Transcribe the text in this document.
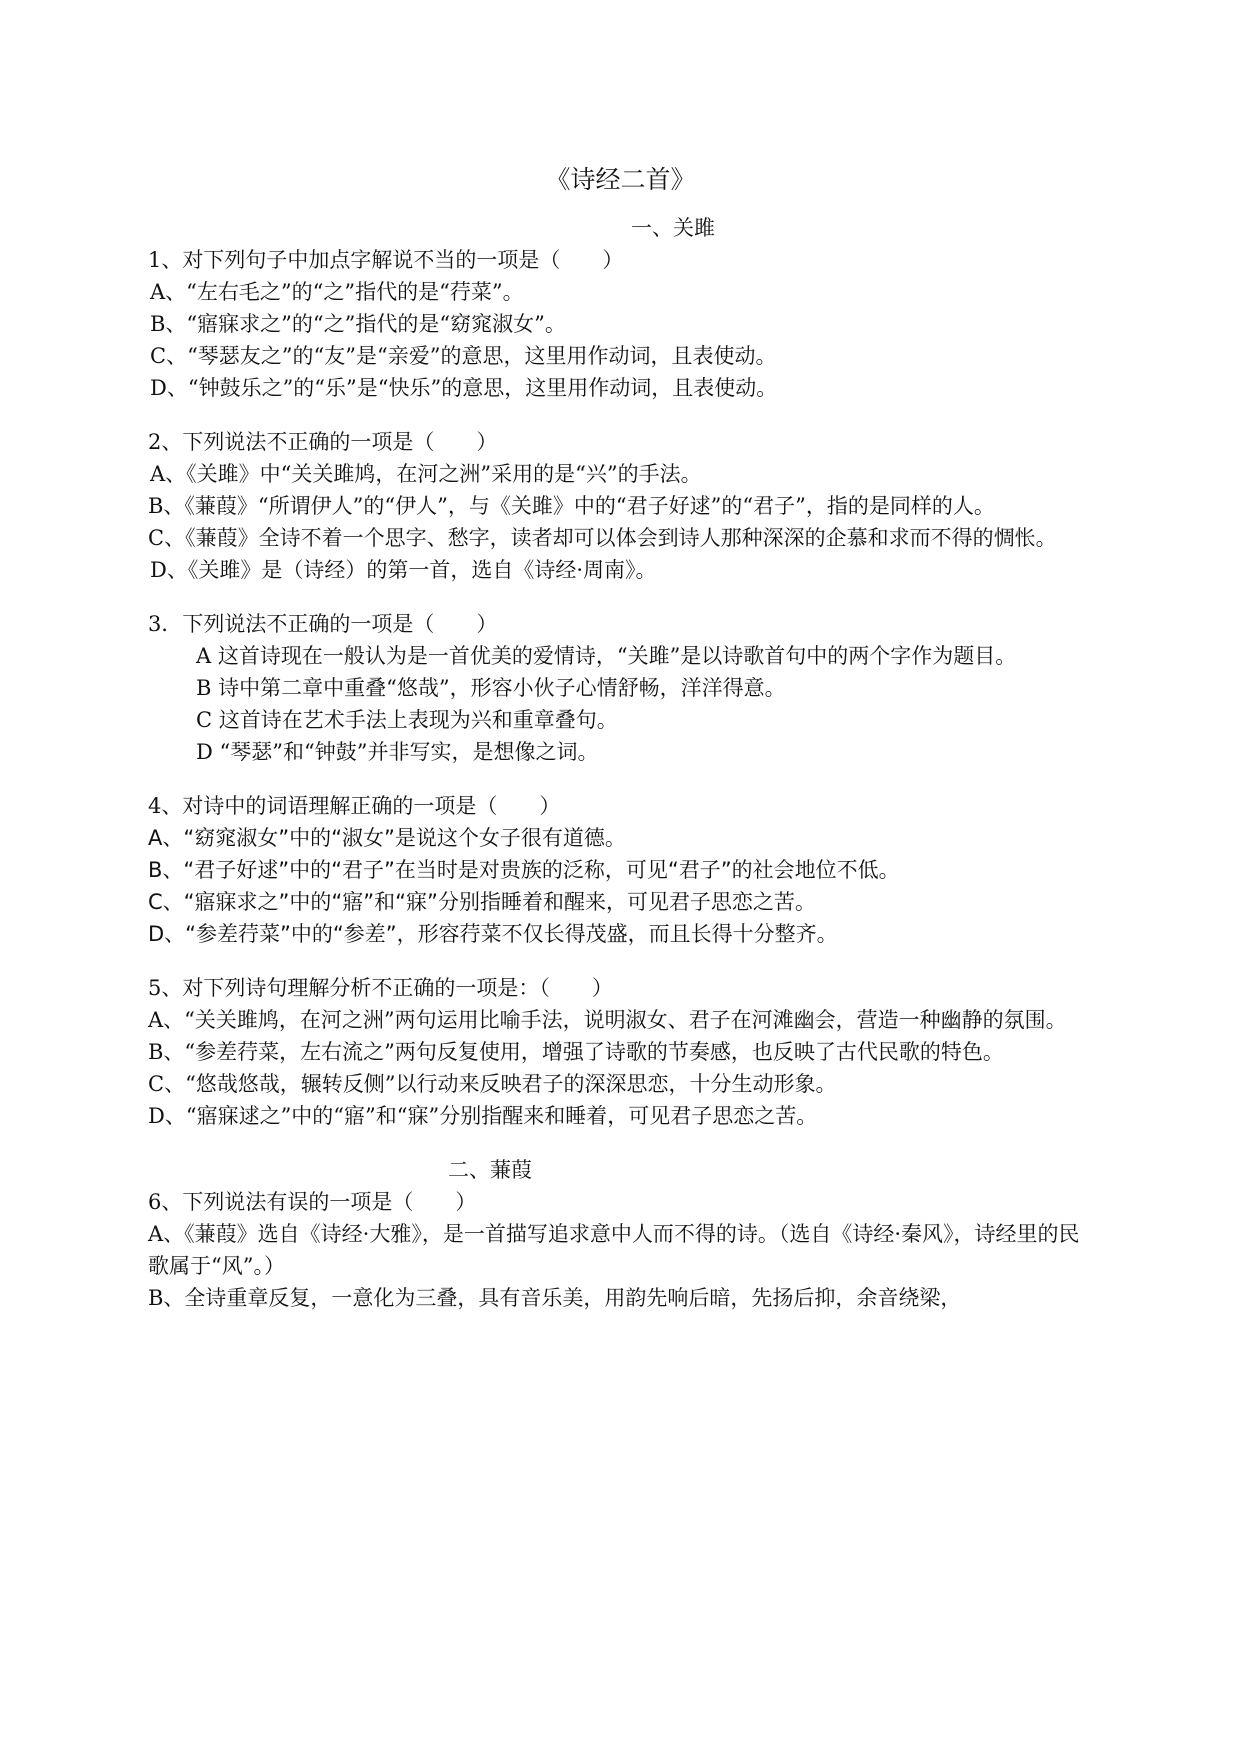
《诗经二首》
一、关雎

1、对下列句子中加点字解说不当的一项是（　　）

A、“左右毛之”的“之”指代的是“荇菜”。

B、“寤寐求之”的“之”指代的是“窈窕淑女”。

C、“琴瑟友之”的“友”是“亲爱”的意思，这里用作动词，且表使动。

D、“钟鼓乐之”的“乐”是“快乐”的意思，这里用作动词，且表使动。

2、下列说法不正确的一项是（　　）

A、《关雎》中“关关雎鸠，在河之洲”采用的是“兴”的手法。

B、《蒹葭》“所谓伊人”的“伊人”，与《关雎》中的“君子好逑”的“君子”，指的是同样的人。

C、《蒹葭》全诗不着一个思字、愁字，读者却可以体会到诗人那种深深的企慕和求而不得的惆怅。

D、《关雎》是（诗经）的第一首，选自《诗经·周南》。

3．下列说法不正确的一项是（　　）

A 这首诗现在一般认为是一首优美的爱情诗，“关雎”是以诗歌首句中的两个字作为题目。

B 诗中第二章中重叠“悠哉”，形容小伙子心情舒畅，洋洋得意。

C 这首诗在艺术手法上表现为兴和重章叠句。

D “琴瑟”和“钟鼓”并非写实，是想像之词。

4、对诗中的词语理解正确的一项是（　　）

A、“窈窕淑女”中的“淑女”是说这个女子很有道德。

B、“君子好逑”中的“君子”在当时是对贵族的泛称，可见“君子”的社会地位不低。

C、“寤寐求之”中的“寤”和“寐”分别指睡着和醒来，可见君子思恋之苦。

D、“参差荇菜”中的“参差”，形容荇菜不仅长得茂盛，而且长得十分整齐。

5、对下列诗句理解分析不正确的一项是：（　　）

A、“关关雎鸠，在河之洲”两句运用比喻手法，说明淑女、君子在河滩幽会，营造一种幽静的氛围。

B、“参差荇菜，左右流之”两句反复使用，增强了诗歌的节奏感，也反映了古代民歌的特色。

C、“悠哉悠哉，辗转反侧”以行动来反映君子的深深思恋，十分生动形象。

D、“寤寐逑之”中的“寤”和“寐”分别指醒来和睡着，可见君子思恋之苦。

二、蒹葭

6、下列说法有误的一项是（　　）

A、《蒹葭》选自《诗经·大雅》，是一首描写追求意中人而不得的诗。（选自《诗经·秦风》，诗经里的民歌属于“风”。）

B、全诗重章反复，一意化为三叠，具有音乐美，用韵先响后暗，先扬后抑，余音绕梁，
